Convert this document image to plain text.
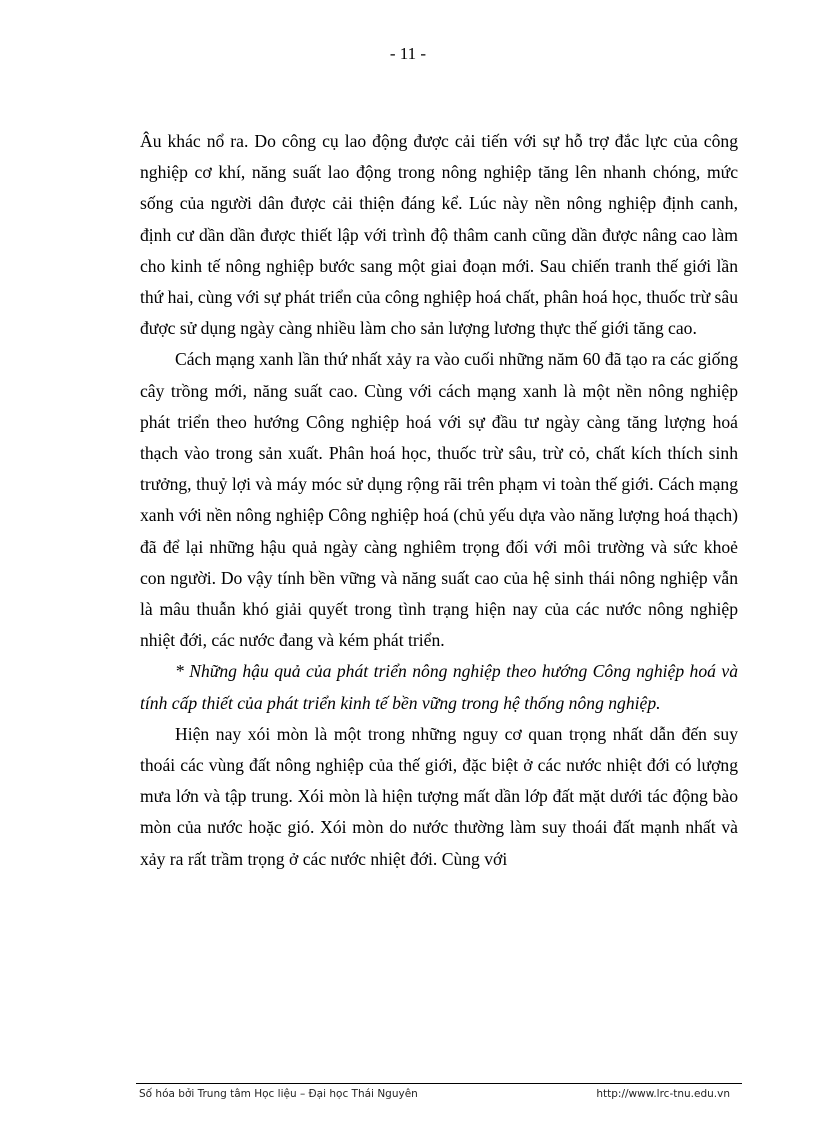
- 11 -

Âu khác nổ ra. Do công cụ lao động được cải tiến với sự hỗ trợ đắc lực của công nghiệp cơ khí, năng suất lao động trong nông nghiệp tăng lên nhanh chóng, mức sống của người dân được cải thiện đáng kể. Lúc này nền nông nghiệp định canh, định cư dần dần được thiết lập với trình độ thâm canh cũng dần được nâng cao làm cho kinh tế nông nghiệp bước sang một giai đoạn mới. Sau chiến tranh thế giới lần thứ hai, cùng với sự phát triển của công nghiệp hoá chất, phân hoá học, thuốc trừ sâu được sử dụng ngày càng nhiều làm cho sản lượng lương thực thế giới tăng cao.

Cách mạng xanh lần thứ nhất xảy ra vào cuối những năm 60 đã tạo ra các giống cây trồng mới, năng suất cao. Cùng với cách mạng xanh là một nền nông nghiệp phát triển theo hướng Công nghiệp hoá với sự đầu tư ngày càng tăng lượng hoá thạch vào trong sản xuất. Phân hoá học, thuốc trừ sâu, trừ cỏ, chất kích thích sinh trưởng, thuỷ lợi và máy móc sử dụng rộng rãi trên phạm vi toàn thế giới. Cách mạng xanh với nền nông nghiệp Công nghiệp hoá (chủ yếu dựa vào năng lượng hoá thạch) đã để lại những hậu quả ngày càng nghiêm trọng đối với môi trường và sức khoẻ con người. Do vậy tính bền vững và năng suất cao của hệ sinh thái nông nghiệp vẫn là mâu thuẫn khó giải quyết trong tình trạng hiện nay của các nước nông nghiệp nhiệt đới, các nước đang và kém phát triển.

* Những hậu quả của phát triển nông nghiệp theo hướng Công nghiệp hoá và tính cấp thiết của phát triển kinh tế bền vững trong hệ thống nông nghiệp.

Hiện nay xói mòn là một trong những nguy cơ quan trọng nhất dẫn đến suy thoái các vùng đất nông nghiệp của thế giới, đặc biệt ở các nước nhiệt đới có lượng mưa lớn và tập trung. Xói mòn là hiện tượng mất dần lớp đất mặt dưới tác động bào mòn của nước hoặc gió. Xói mòn do nước thường làm suy thoái đất mạnh nhất và xảy ra rất trầm trọng ở các nước nhiệt đới. Cùng với

Số hóa bởi Trung tâm Học liệu – Đại học Thái Nguyên	http://www.lrc-tnu.edu.vn
